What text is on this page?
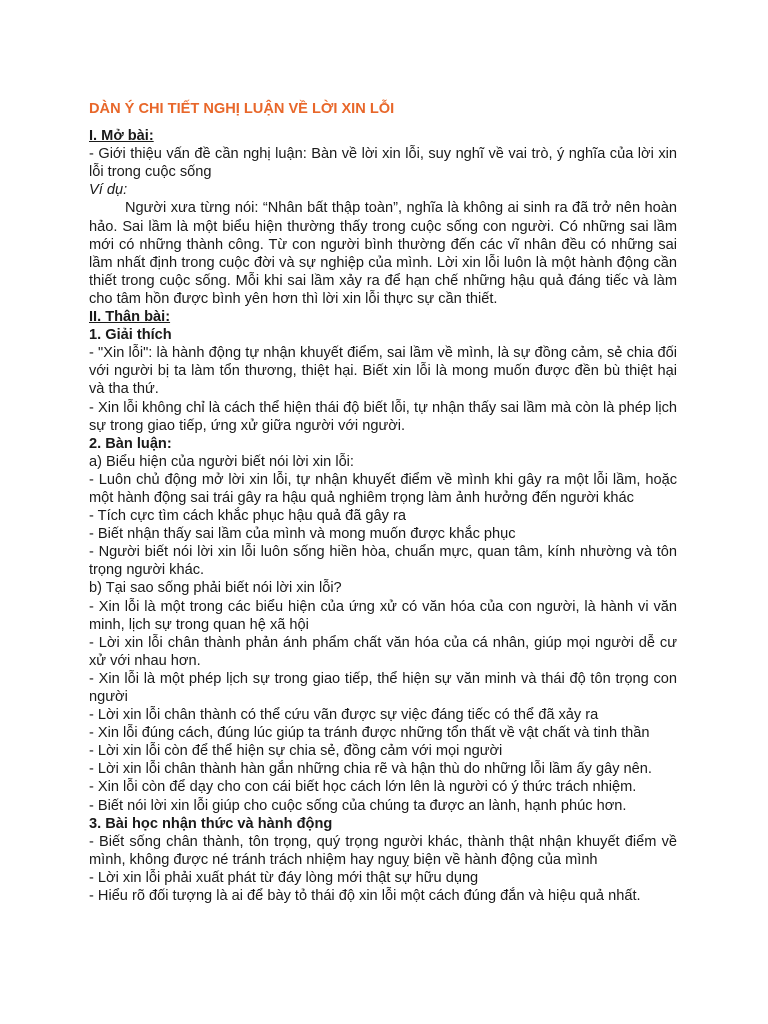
DÀN Ý CHI TIẾT NGHỊ LUẬN VỀ LỜI XIN LỖI
I. Mở bài:

- Giới thiệu vấn đề cần nghị luận: Bàn về lời xin lỗi, suy nghĩ về vai trò, ý nghĩa của lời xin lỗi trong cuộc sống

Ví dụ:

Người xưa từng nói: “Nhân bất thập toàn”, nghĩa là không ai sinh ra đã trở nên hoàn hảo. Sai lầm là một biểu hiện thường thấy trong cuộc sống con người. Có những sai lầm mới có những thành công. Từ con người bình thường đến các vĩ nhân đều có những sai lầm nhất định trong cuộc đời và sự nghiệp của mình. Lời xin lỗi luôn là một hành động cần thiết trong cuộc sống. Mỗi khi sai lầm xảy ra để hạn chế những hậu quả đáng tiếc và làm cho tâm hồn được bình yên hơn thì lời xin lỗi thực sự cần thiết.

II. Thân bài:
1. Giải thích

- "Xin lỗi": là hành động tự nhận khuyết điểm, sai lầm về mình, là sự đồng cảm, sẻ chia đối với người bị ta làm tổn thương, thiệt hại. Biết xin lỗi là mong muốn được đền bù thiệt hại và tha thứ.

- Xin lỗi không chỉ là cách thể hiện thái độ biết lỗi, tự nhận thấy sai lầm mà còn là phép lịch sự trong giao tiếp, ứng xử giữa người với người.

2. Bàn luận:

a) Biểu hiện của người biết nói lời xin lỗi:

- Luôn chủ động mở lời xin lỗi, tự nhận khuyết điểm về mình khi gây ra một lỗi lầm, hoặc một hành động sai trái gây ra hậu quả nghiêm trọng làm ảnh hưởng đến người khác

- Tích cực tìm cách khắc phục hậu quả đã gây ra

- Biết nhận thấy sai lầm của mình và mong muốn được khắc phục

- Người biết nói lời xin lỗi luôn sống hiền hòa, chuẩn mực, quan tâm, kính nhường và tôn trọng người khác.

b) Tại sao sống phải biết nói lời xin lỗi?

- Xin lỗi là một trong các biểu hiện của ứng xử có văn hóa của con người, là hành vi văn minh, lịch sự trong quan hệ xã hội

- Lời xin lỗi chân thành phản ánh phẩm chất văn hóa của cá nhân, giúp mọi người dễ cư xử với nhau hơn.

- Xin lỗi là một phép lịch sự trong giao tiếp, thể hiện sự văn minh và thái độ tôn trọng con người

- Lời xin lỗi chân thành có thể cứu vãn được sự việc đáng tiếc có thể đã xảy ra

- Xin lỗi đúng cách, đúng lúc giúp ta tránh được những tổn thất về vật chất và tinh thần

- Lời xin lỗi còn để thể hiện sự chia sẻ, đồng cảm với mọi người

- Lời xin lỗi chân thành hàn gắn những chia rẽ và hận thù do những lỗi lầm ấy gây nên.

- Xin lỗi còn để dạy cho con cái biết học cách lớn lên là người có ý thức trách nhiệm.

- Biết nói lời xin lỗi giúp cho cuộc sống của chúng ta được an lành, hạnh phúc hơn.

3. Bài học nhận thức và hành động

- Biết sống chân thành, tôn trọng, quý trọng người khác, thành thật nhận khuyết điểm về mình, không được né tránh trách nhiệm hay nguỵ biện về hành động của mình

- Lời xin lỗi phải xuất phát từ đáy lòng mới thật sự hữu dụng

- Hiểu rõ đối tượng là ai để bày tỏ thái độ xin lỗi một cách đúng đắn và hiệu quả nhất.
